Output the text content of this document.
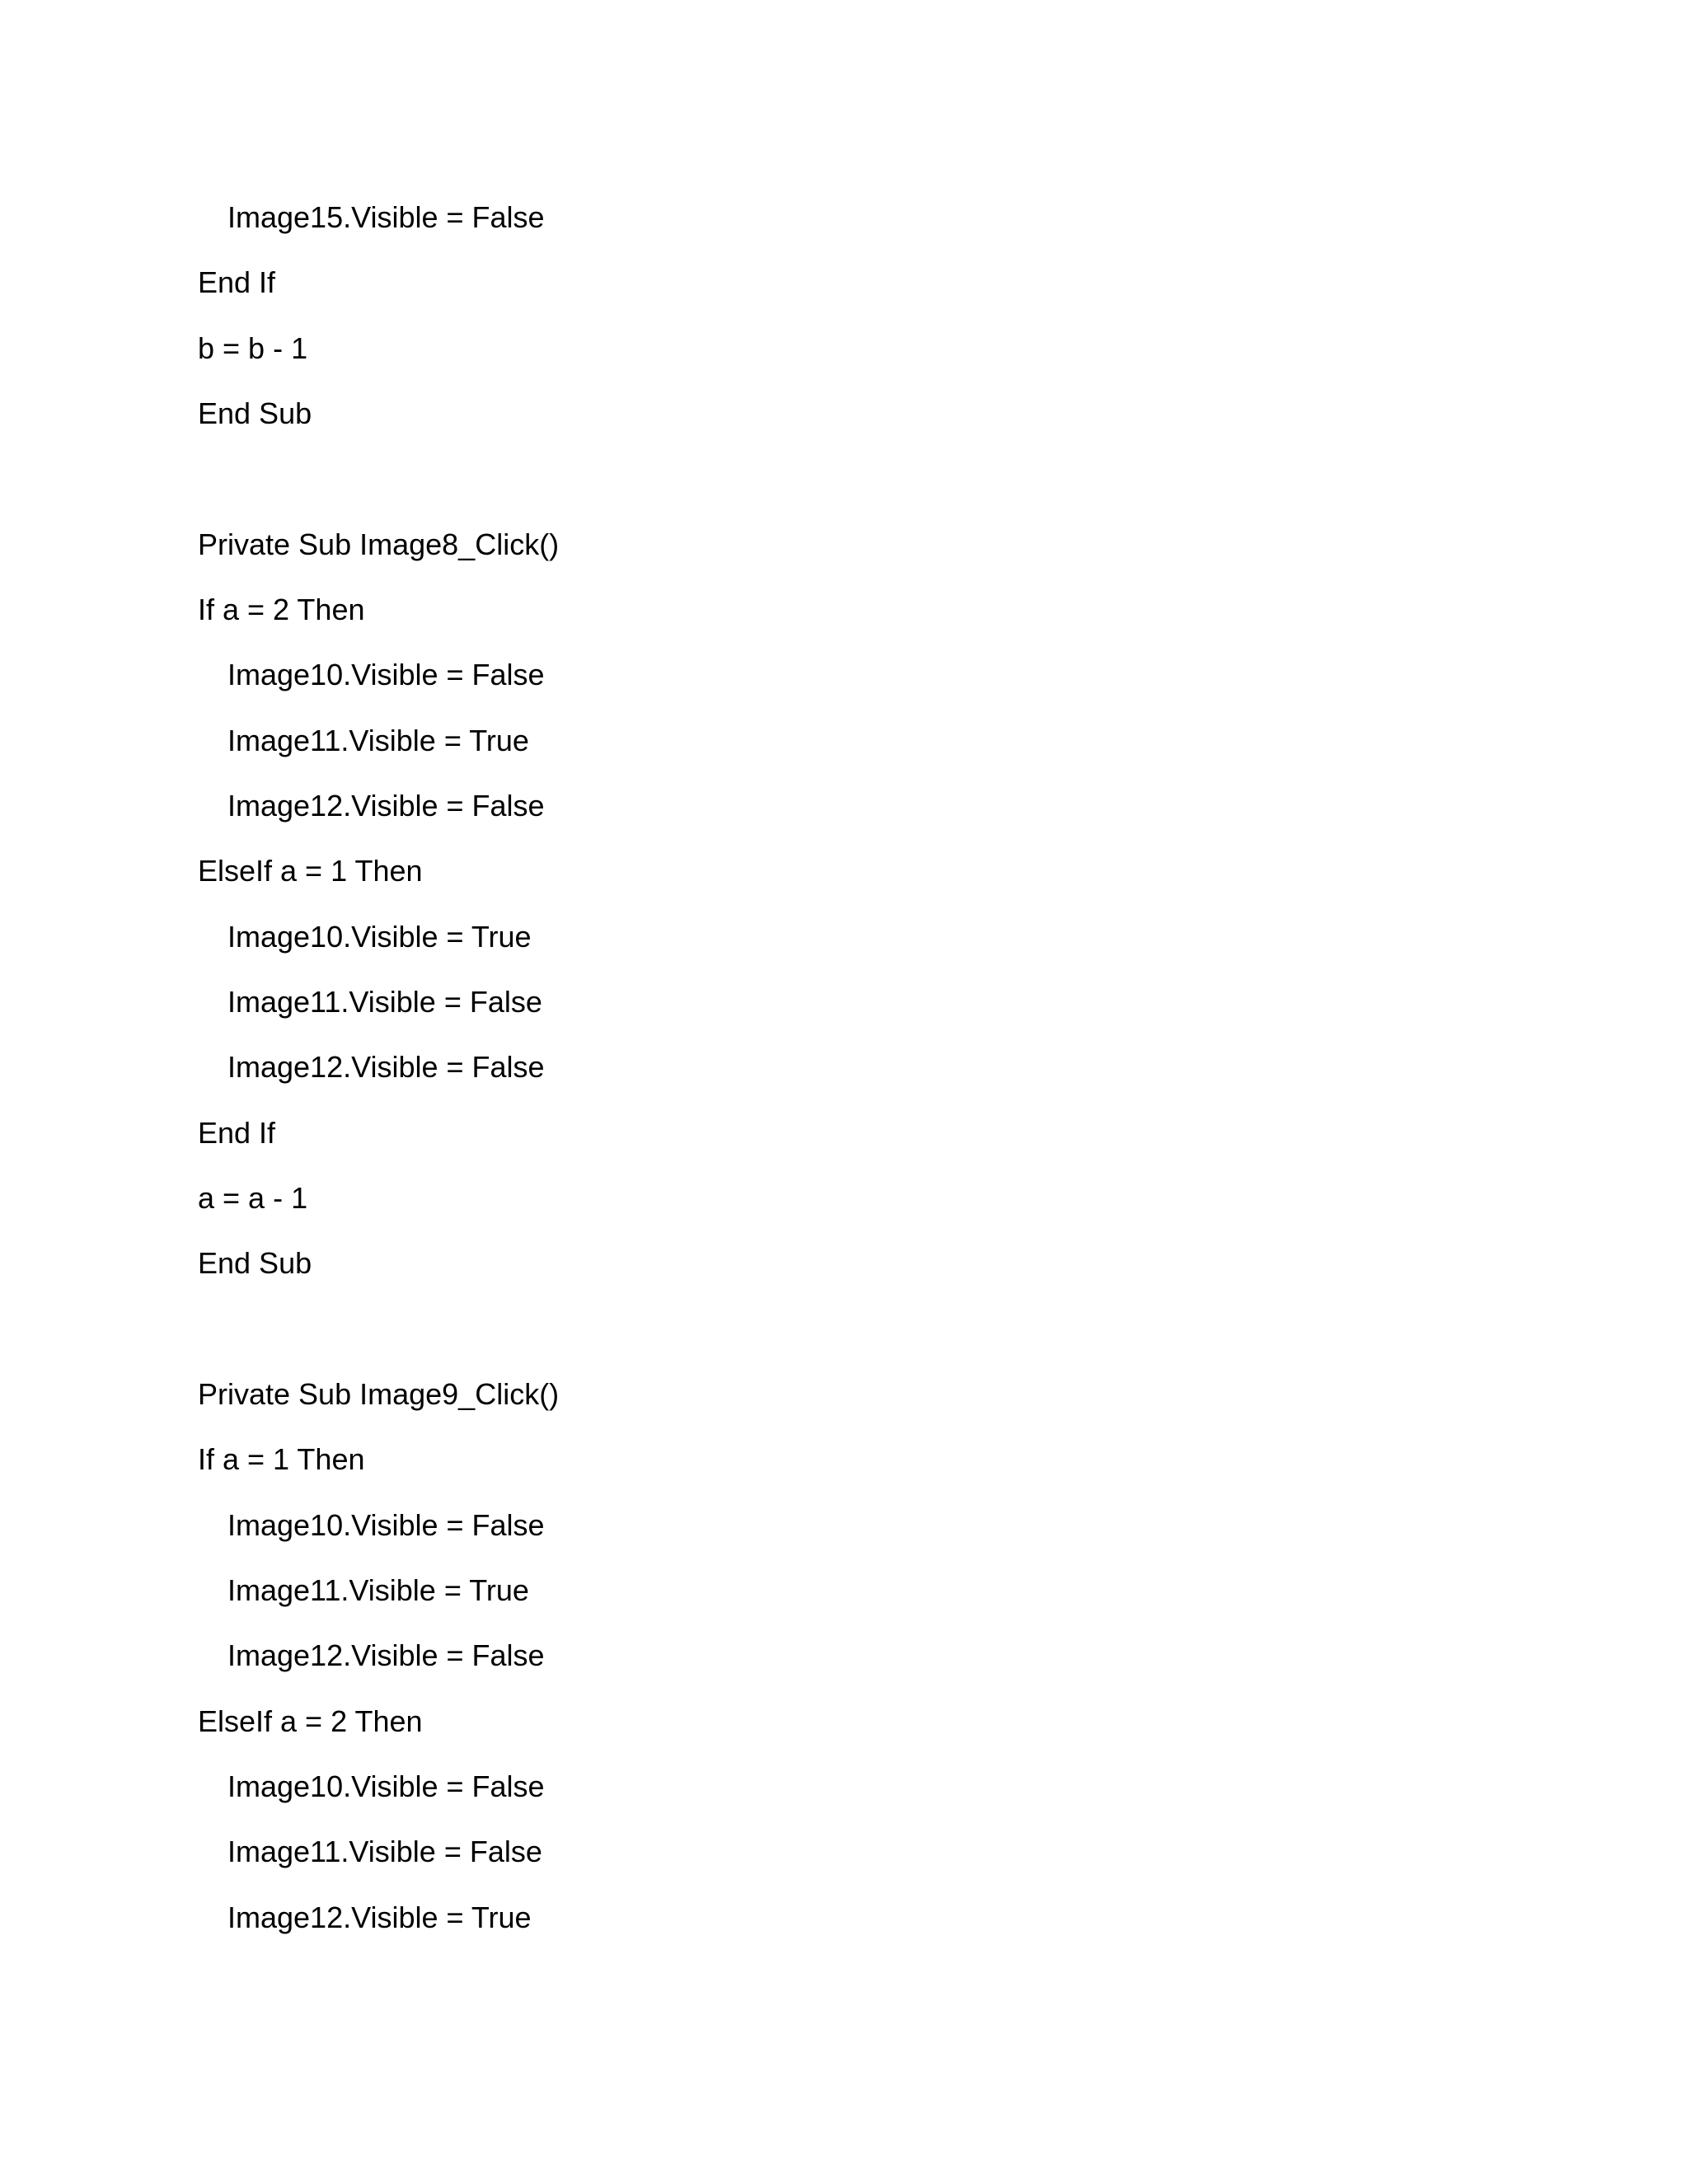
Image15.Visible = False
End If
b = b - 1
End Sub
Private Sub Image8_Click()
If a = 2 Then
Image10.Visible = False
Image11.Visible = True
Image12.Visible = False
ElseIf a = 1 Then
Image10.Visible = True
Image11.Visible = False
Image12.Visible = False
End If
a = a - 1
End Sub
Private Sub Image9_Click()
If a = 1 Then
Image10.Visible = False
Image11.Visible = True
Image12.Visible = False
ElseIf a = 2 Then
Image10.Visible = False
Image11.Visible = False
Image12.Visible = True
